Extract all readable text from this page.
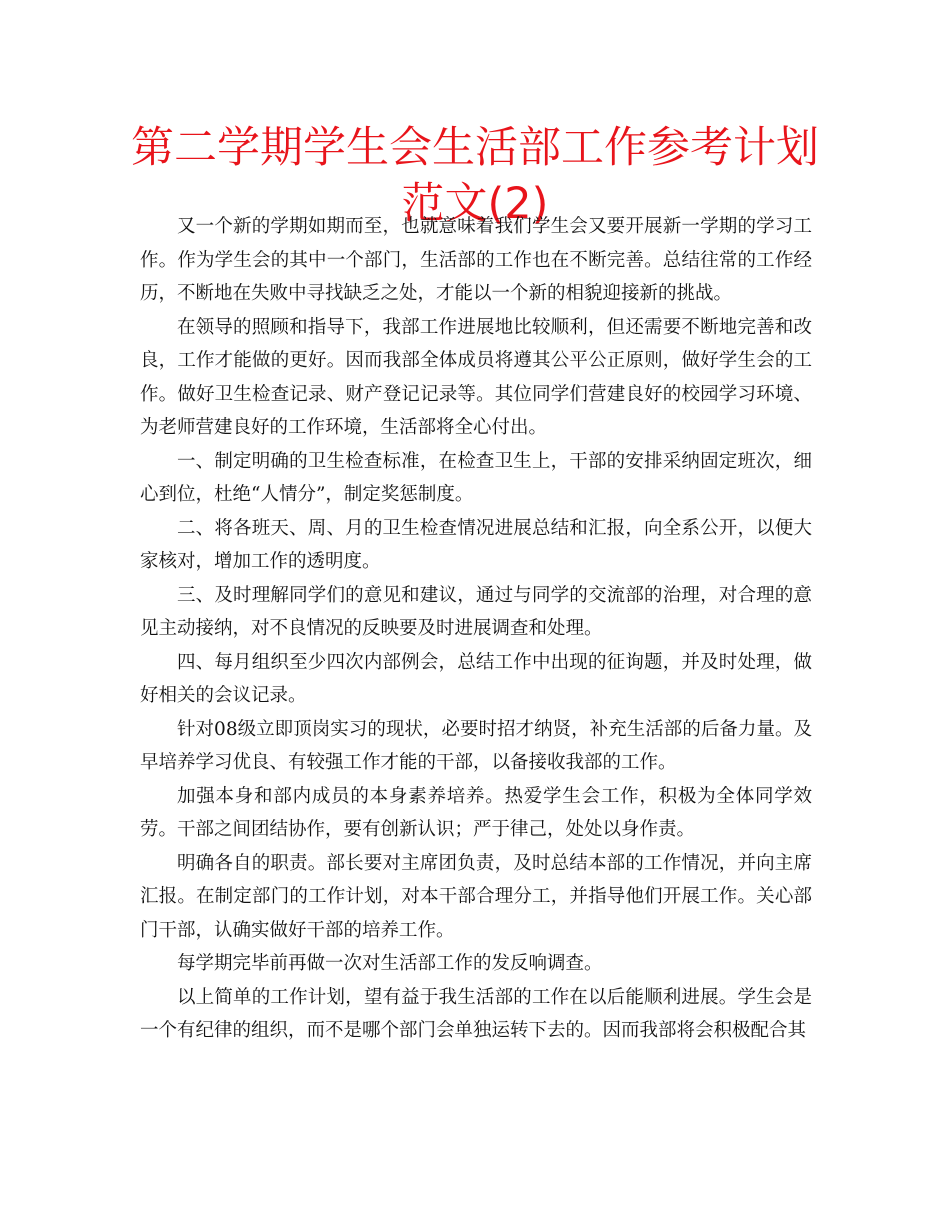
第二学期学生会生活部工作参考计划范文(2)

又一个新的学期如期而至，也就意味着我们学生会又要开展新一学期的学习工作。作为学生会的其中一个部门，生活部的工作也在不断完善。总结往常的工作经历，不断地在失败中寻找缺乏之处，才能以一个新的相貌迎接新的挑战。

在领导的照顾和指导下，我部工作进展地比较顺利，但还需要不断地完善和改良，工作才能做的更好。因而我部全体成员将遵其公平公正原则，做好学生会的工作。做好卫生检查记录、财产登记记录等。其位同学们营建良好的校园学习环境、为老师营建良好的工作环境，生活部将全心付出。

一、制定明确的卫生检查标准，在检查卫生上，干部的安排采纳固定班次，细心到位，杜绝“人情分”，制定奖惩制度。

二、将各班天、周、月的卫生检查情况进展总结和汇报，向全系公开，以便大家核对，增加工作的透明度。

三、及时理解同学们的意见和建议，通过与同学的交流部的治理，对合理的意见主动接纳，对不良情况的反映要及时进展调查和处理。

四、每月组织至少四次内部例会，总结工作中出现的征询题，并及时处理，做好相关的会议记录。

针对08级立即顶岗实习的现状，必要时招才纳贤，补充生活部的后备力量。及早培养学习优良、有较强工作才能的干部，以备接收我部的工作。

加强本身和部内成员的本身素养培养。热爱学生会工作，积极为全体同学效劳。干部之间团结协作，要有创新认识；严于律己，处处以身作责。

明确各自的职责。部长要对主席团负责，及时总结本部的工作情况，并向主席汇报。在制定部门的工作计划，对本干部合理分工，并指导他们开展工作。关心部门干部，认确实做好干部的培养工作。

每学期完毕前再做一次对生活部工作的发反响调查。

以上简单的工作计划，望有益于我生活部的工作在以后能顺利进展。学生会是一个有纪律的组织，而不是哪个部门会单独运转下去的。因而我部将会积极配合其
